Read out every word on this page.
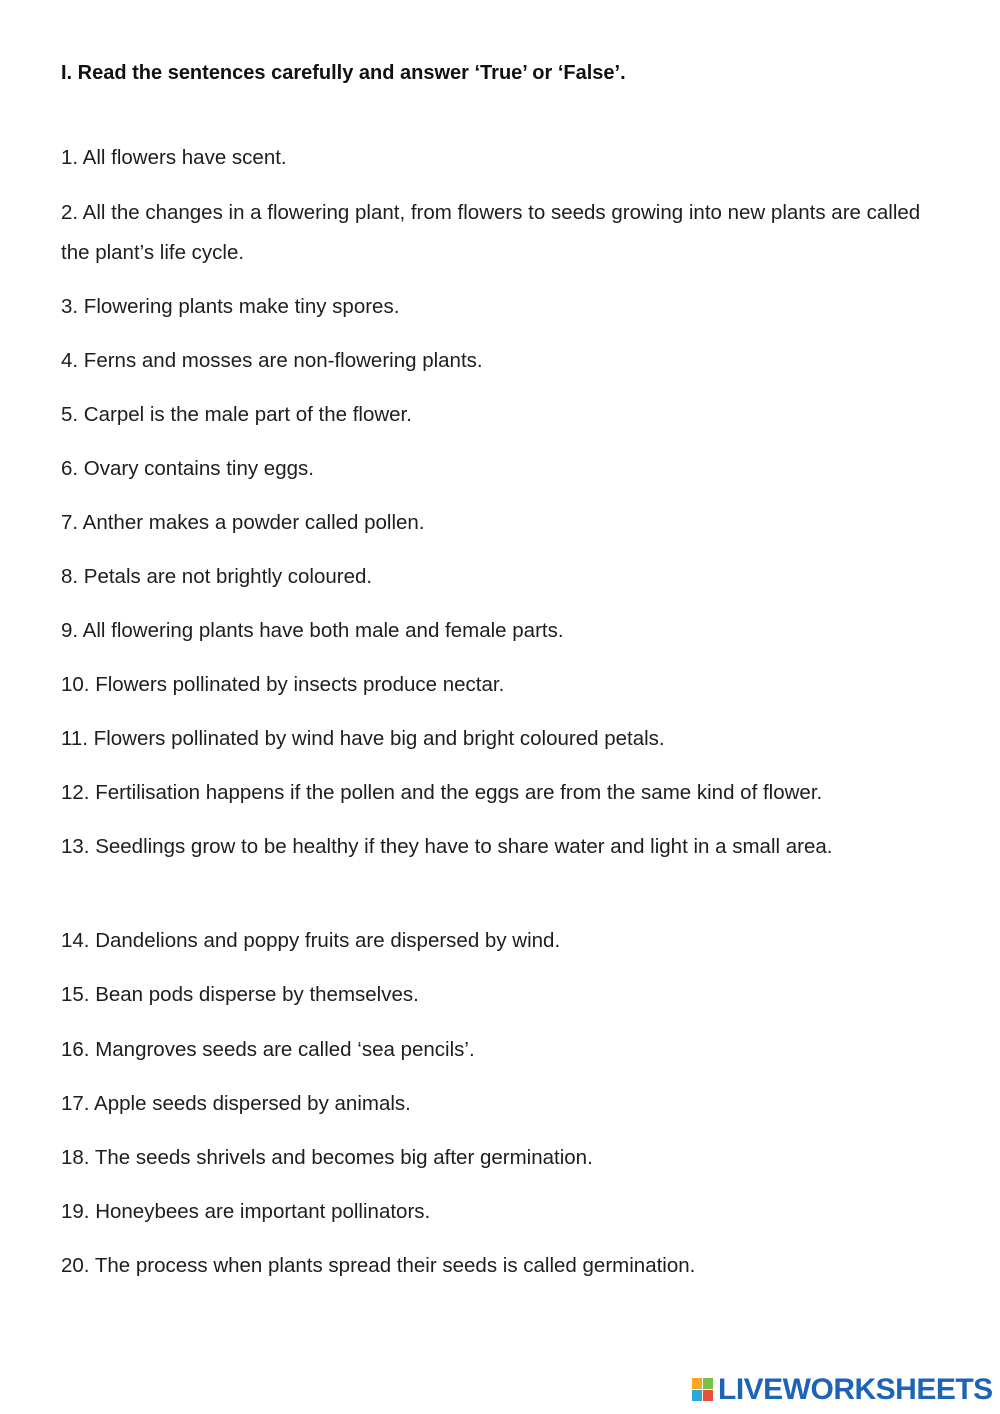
I. Read the sentences carefully and answer ‘True’ or ‘False’.
1. All flowers have scent.
2. All the changes in a flowering plant, from flowers to seeds growing into new plants are called the plant’s life cycle.
3. Flowering plants make tiny spores.
4. Ferns and mosses are non-flowering plants.
5. Carpel is the male part of the flower.
6. Ovary contains tiny eggs.
7. Anther makes a powder called pollen.
8. Petals are not brightly coloured.
9. All flowering plants have both male and female parts.
10. Flowers pollinated by insects produce nectar.
11. Flowers pollinated by wind have big and bright coloured petals.
12. Fertilisation happens if the pollen and the eggs are from the same kind of flower.
13. Seedlings grow to be healthy if they have to share water and light in a small area.
14. Dandelions and poppy fruits are dispersed by wind.
15. Bean pods disperse by themselves.
16. Mangroves seeds are called ‘sea pencils’.
17. Apple seeds dispersed by animals.
18. The seeds shrivels and becomes big after germination.
19. Honeybees are important pollinators.
20. The process when plants spread their seeds is called germination.
LIVEWORKSHEETS
